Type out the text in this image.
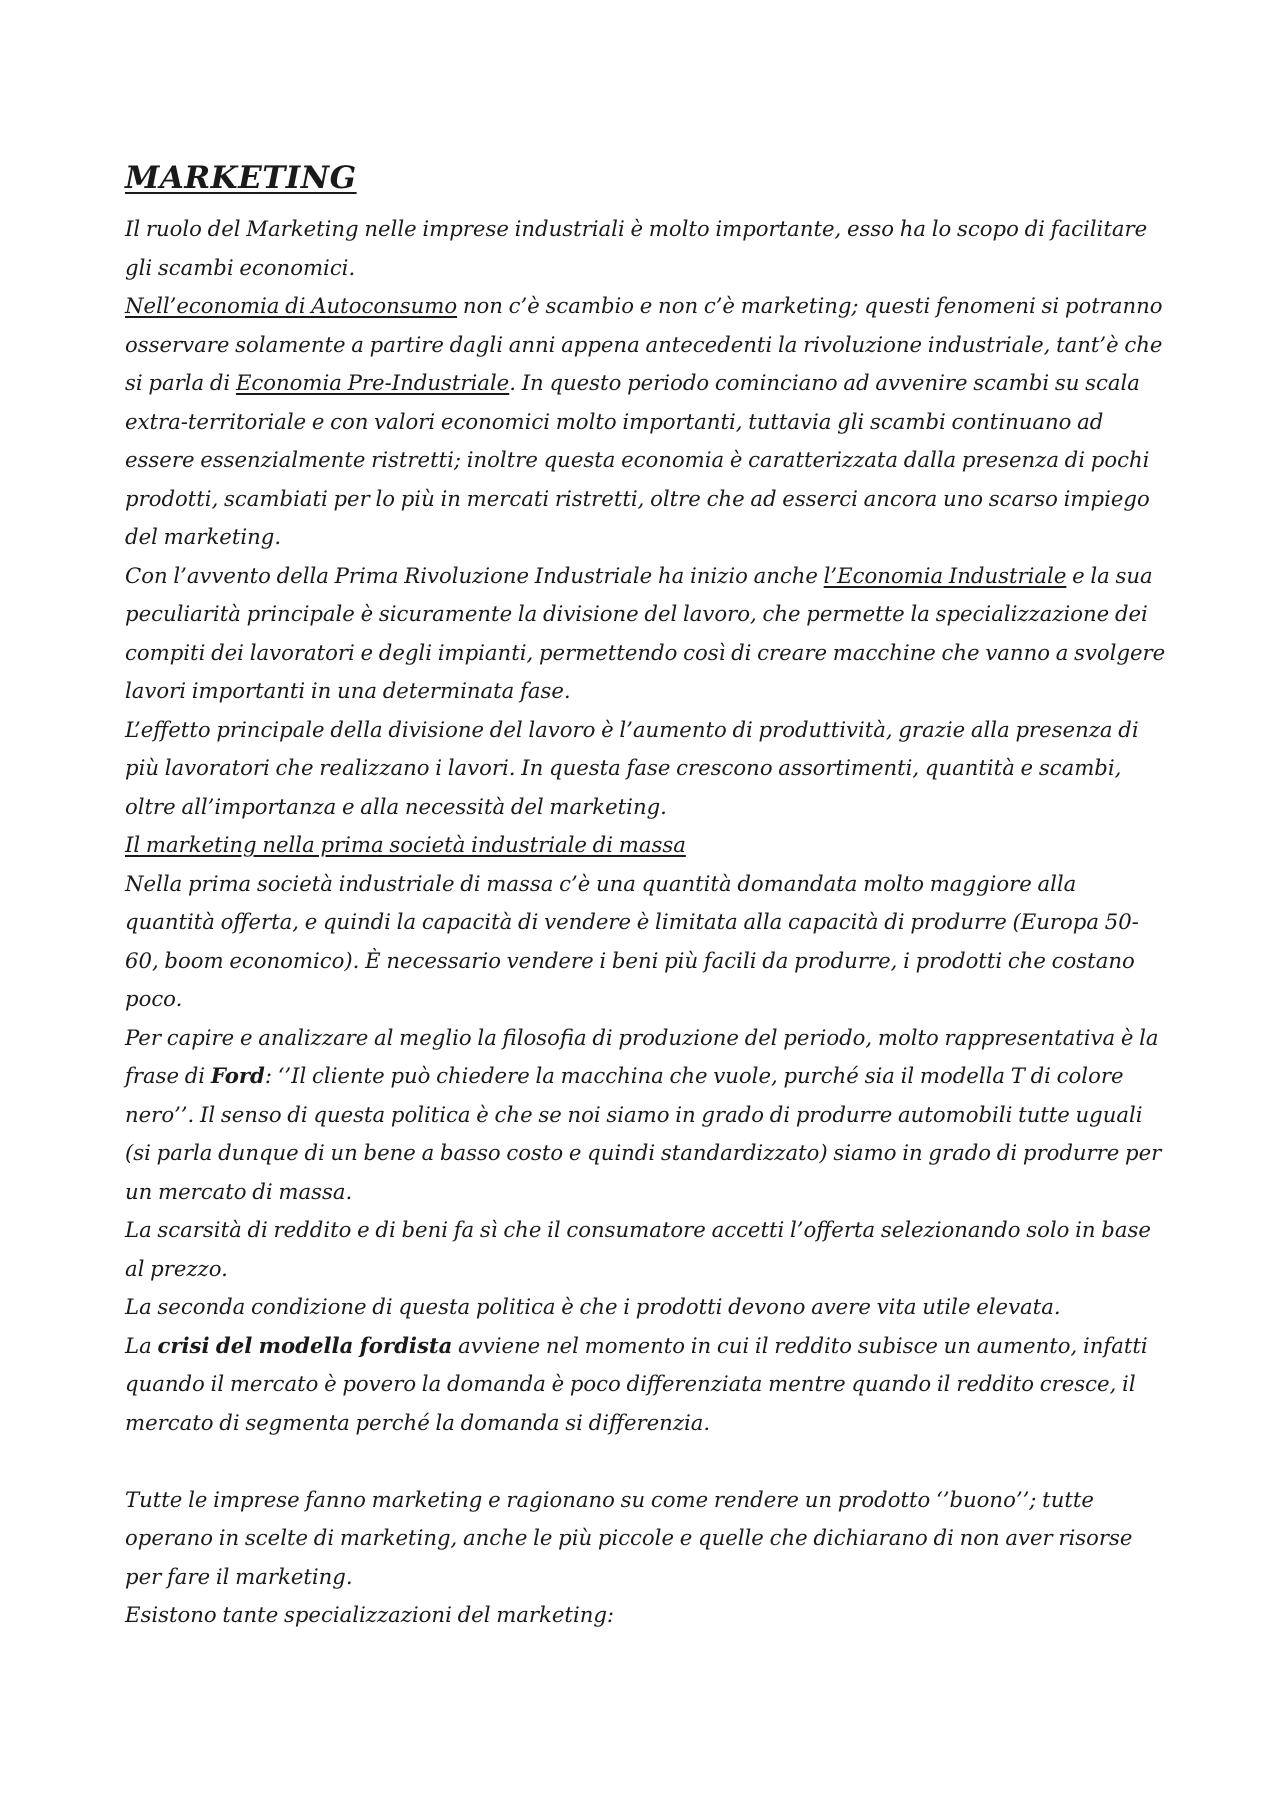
MARKETING

Il ruolo del Marketing nelle imprese industriali è molto importante, esso ha lo scopo di facilitare gli scambi economici.

Nell’economia di Autoconsumo non c’è scambio e non c’è marketing; questi fenomeni si potranno osservare solamente a partire dagli anni appena antecedenti la rivoluzione industriale, tant’è che si parla di Economia Pre-Industriale. In questo periodo cominciano ad avvenire scambi su scala extra-territoriale e con valori economici molto importanti, tuttavia gli scambi continuano ad essere essenzialmente ristretti; inoltre questa economia è caratterizzata dalla presenza di pochi prodotti, scambiati per lo più in mercati ristretti, oltre che ad esserci ancora uno scarso impiego del marketing.

Con l’avvento della Prima Rivoluzione Industriale ha inizio anche l’Economia Industriale e la sua peculiarità principale è sicuramente la divisione del lavoro, che permette la specializzazione dei compiti dei lavoratori e degli impianti, permettendo così di creare macchine che vanno a svolgere lavori importanti in una determinata fase.

L’effetto principale della divisione del lavoro è l’aumento di produttività, grazie alla presenza di più lavoratori che realizzano i lavori. In questa fase crescono assortimenti, quantità e scambi, oltre all’importanza e alla necessità del marketing.

Il marketing nella prima società industriale di massa

Nella prima società industriale di massa c’è una quantità domandata molto maggiore alla quantità offerta, e quindi la capacità di vendere è limitata alla capacità di produrre (Europa 50-60, boom economico). È necessario vendere i beni più facili da produrre, i prodotti che costano poco.

Per capire e analizzare al meglio la filosofia di produzione del periodo, molto rappresentativa è la frase di Ford: ‘’Il cliente può chiedere la macchina che vuole, purché sia il modella T di colore nero’’. Il senso di questa politica è che se noi siamo in grado di produrre automobili tutte uguali (si parla dunque di un bene a basso costo e quindi standardizzato) siamo in grado di produrre per un mercato di massa.

La scarsità di reddito e di beni fa sì che il consumatore accetti l’offerta selezionando solo in base al prezzo.

La seconda condizione di questa politica è che i prodotti devono avere vita utile elevata.

La crisi del modella fordista avviene nel momento in cui il reddito subisce un aumento, infatti quando il mercato è povero la domanda è poco differenziata mentre quando il reddito cresce, il mercato di segmenta perché la domanda si differenzia.

Tutte le imprese fanno marketing e ragionano su come rendere un prodotto ‘’buono’’; tutte operano in scelte di marketing, anche le più piccole e quelle che dichiarano di non aver risorse per fare il marketing.

Esistono tante specializzazioni del marketing:
